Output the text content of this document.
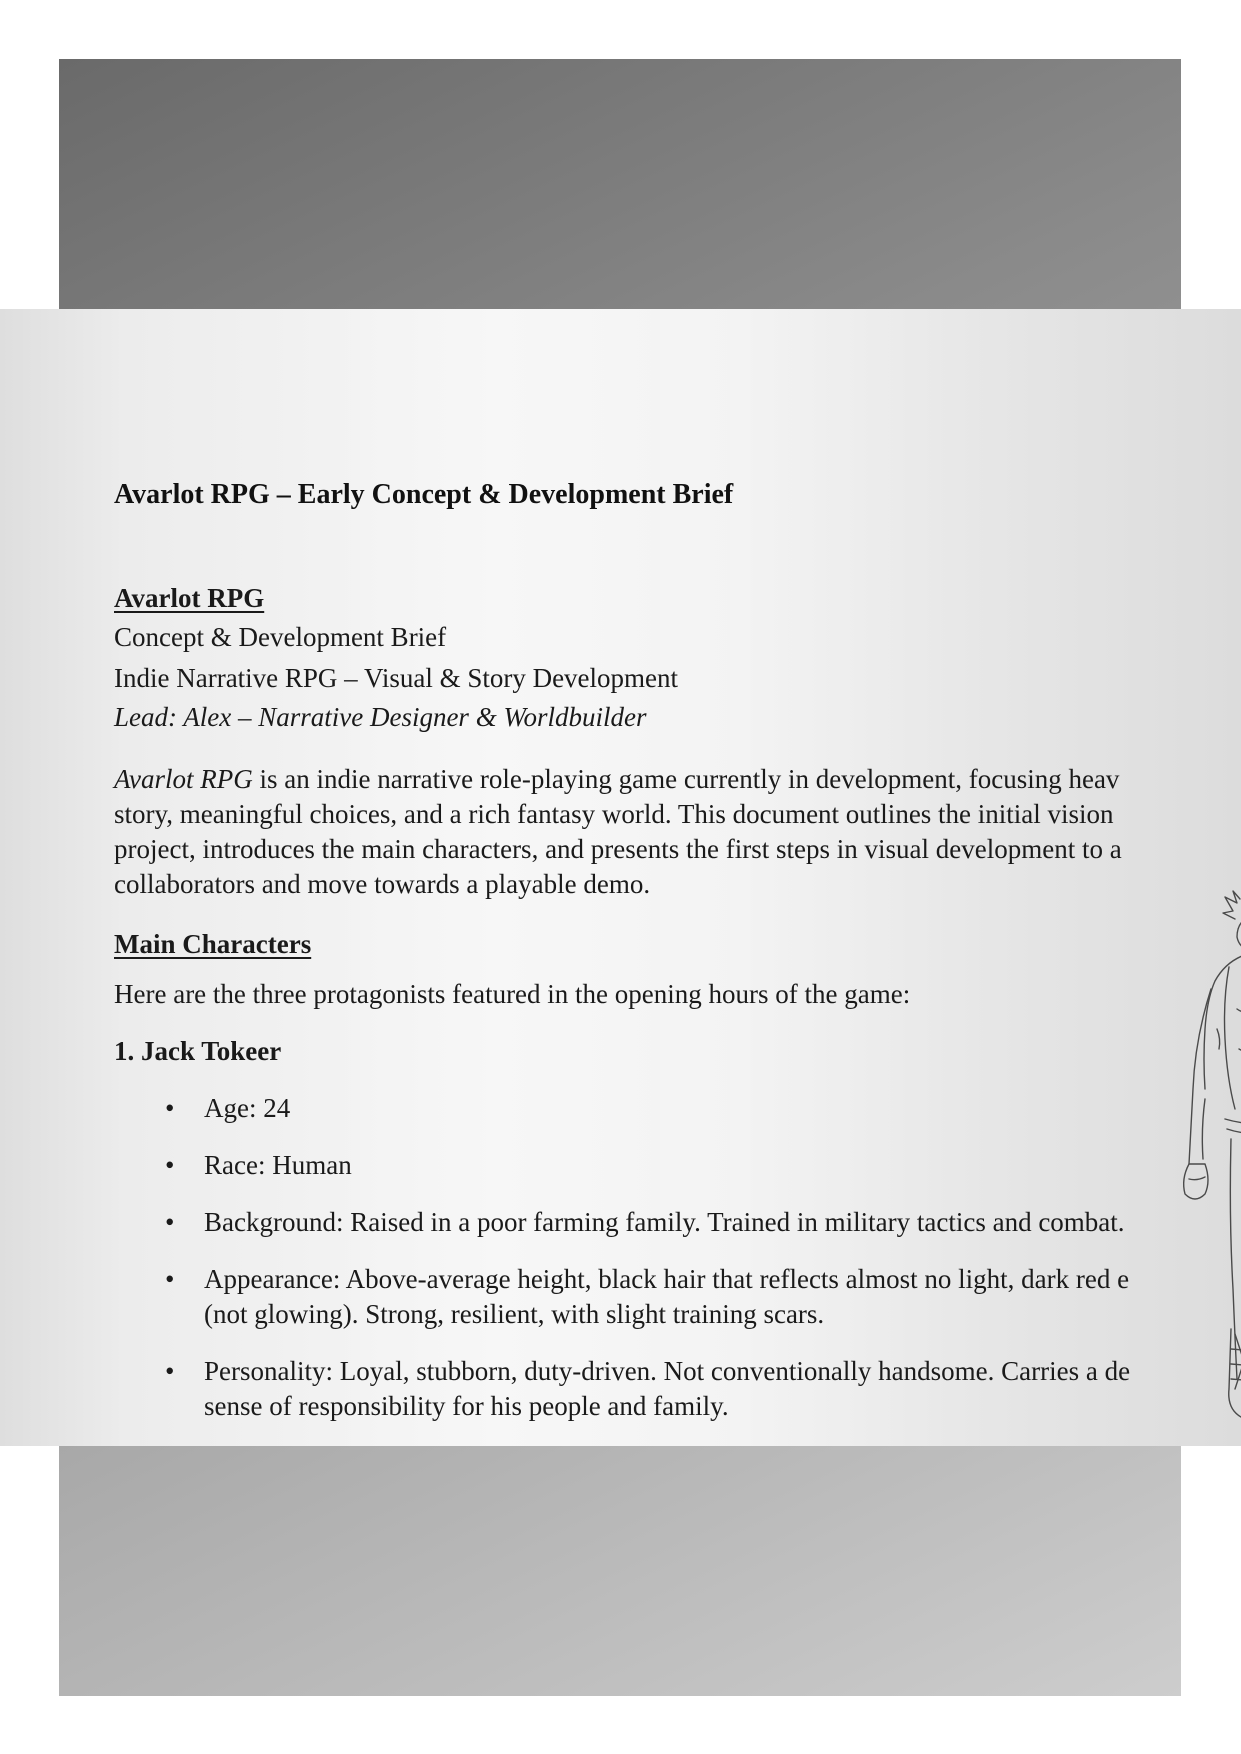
Avarlot RPG – Early Concept & Development Brief
Avarlot RPG
Concept & Development Brief
Indie Narrative RPG – Visual & Story Development
Lead: Alex – Narrative Designer & Worldbuilder
Avarlot RPG is an indie narrative role-playing game currently in development, focusing heav
story, meaningful choices, and a rich fantasy world. This document outlines the initial vision
project, introduces the main characters, and presents the first steps in visual development to a
collaborators and move towards a playable demo.
Main Characters
Here are the three protagonists featured in the opening hours of the game:
1. Jack Tokeer
• Age: 24
• Race: Human
• Background: Raised in a poor farming family. Trained in military tactics and combat.
• Appearance: Above-average height, black hair that reflects almost no light, dark red e
(not glowing). Strong, resilient, with slight training scars.
• Personality: Loyal, stubborn, duty-driven. Not conventionally handsome. Carries a de
sense of responsibility for his people and family.
